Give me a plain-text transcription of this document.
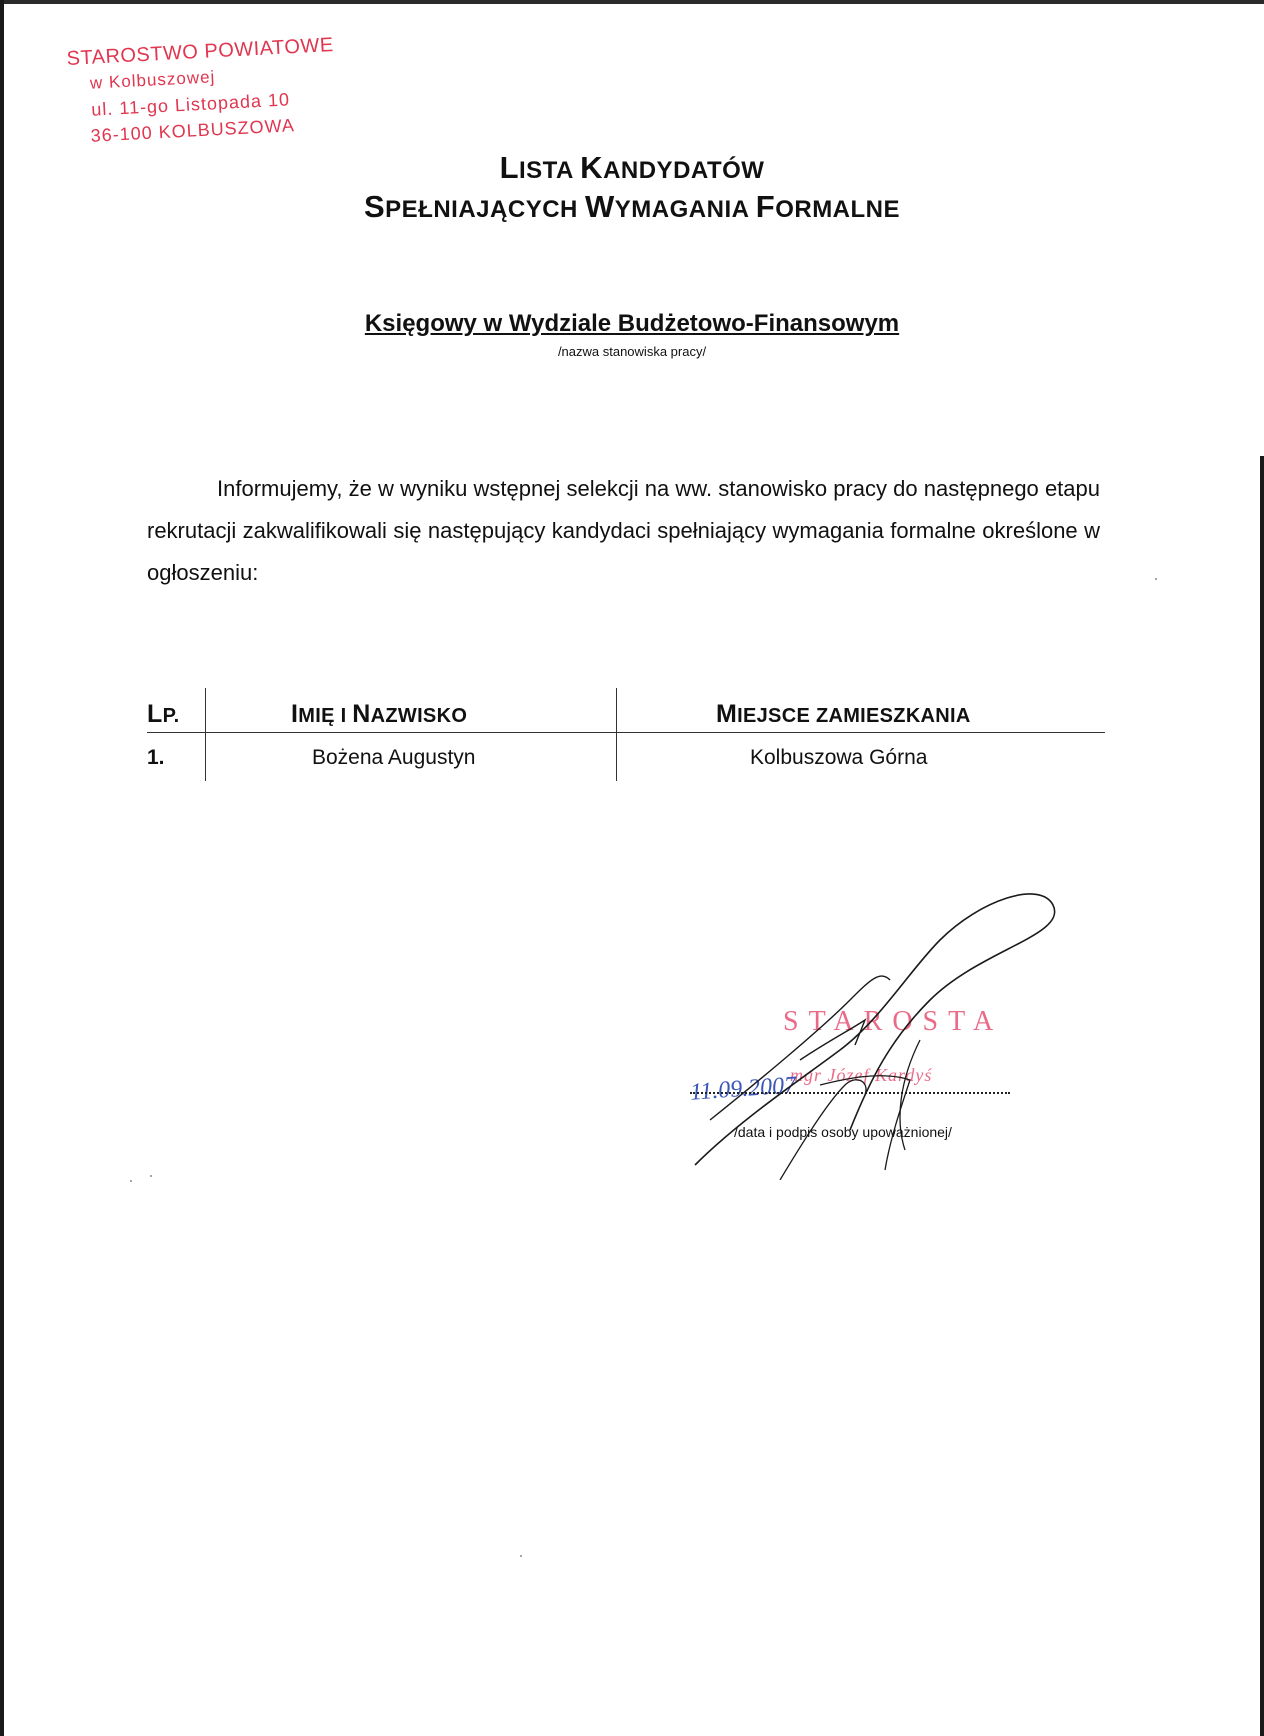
STAROSTWO POWIATOWE
w Kolbuszowej
ul. 11-go Listopada 10
36-100 KOLBUSZOWA
LISTA KANDYDATÓW
SPEŁNIAJĄCYCH WYMAGANIA FORMALNE
Księgowy w Wydziale Budżetowo-Finansowym
/nazwa stanowiska pracy/
Informujemy, że w wyniku wstępnej selekcji na ww. stanowisko pracy do następnego etapu rekrutacji zakwalifikowali się następujący kandydaci spełniający wymagania formalne określone w ogłoszeniu:
LP.	IMIĘ I NAZWISKO	MIEJSCE ZAMIESZKANIA
1.	Bożena Augustyn	Kolbuszowa Górna
STAROSTA
mgr Józef Kardyś
11.09.2007
/data i podpis osoby upoważnionej/
